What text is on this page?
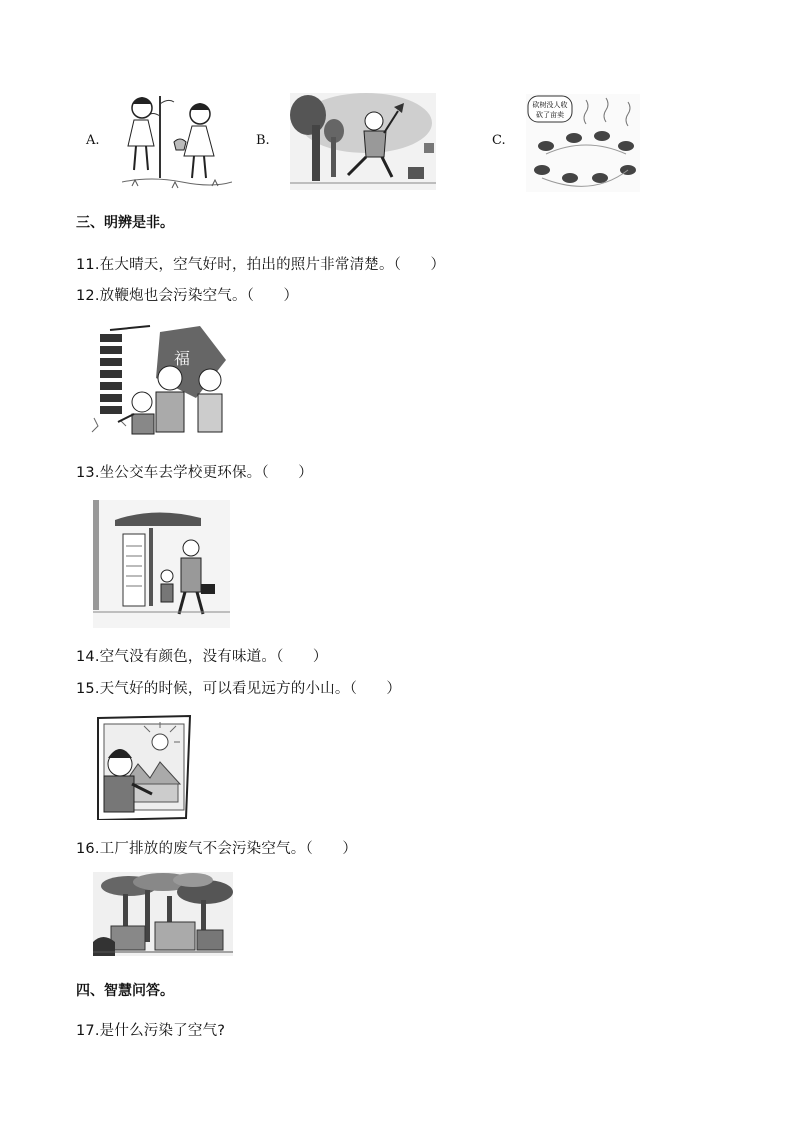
A.	B.	C.
砍树没人收
砍了亩卖
三、明辨是非。
11.在大晴天，空气好时，拍出的照片非常清楚。（　　）
12.放鞭炮也会污染空气。（　　）
福
13.坐公交车去学校更环保。（　　）
14.空气没有颜色，没有味道。（　　）
15.天气好的时候，可以看见远方的小山。（　　）
16.工厂排放的废气不会污染空气。（　　）
四、智慧问答。
17.是什么污染了空气?
